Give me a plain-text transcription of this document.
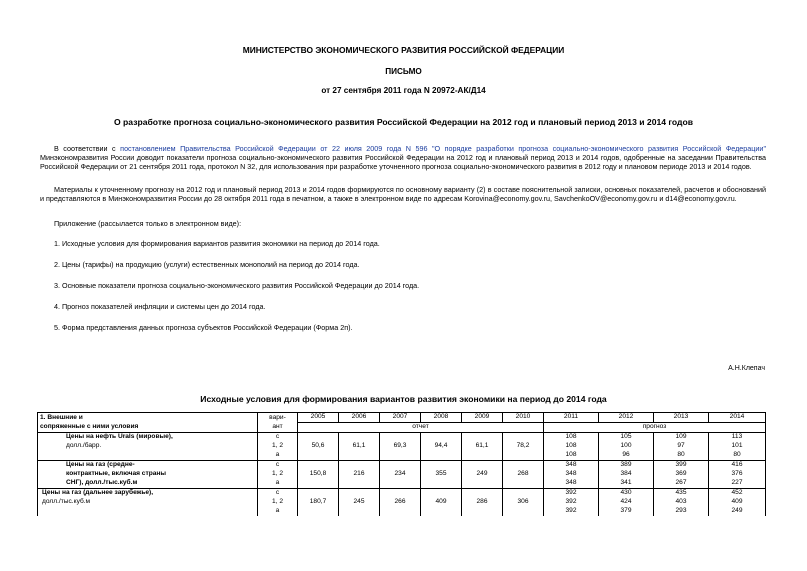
МИНИСТЕРСТВО ЭКОНОМИЧЕСКОГО РАЗВИТИЯ РОССИЙСКОЙ ФЕДЕРАЦИИ
ПИСЬМО
от 27 сентября 2011 года N 20972-АК/Д14
О разработке прогноза социально-экономического развития Российской Федерации на 2012 год и плановый период 2013 и 2014 годов
В соответствии с постановлением Правительства Российской Федерации от 22 июля 2009 года N 596 "О порядке разработки прогноза социально-экономического развития Российской Федерации" Минэкономразвития России доводит показатели прогноза социально-экономического развития Российской Федерации на 2012 год и плановый период 2013 и 2014 годов, одобренные на заседании Правительства Российской Федерации от 21 сентября 2011 года, протокол N 32, для использования при разработке уточненного прогноза социально-экономического развития в 2012 году и плановом периоде 2013 и 2014 годов.
Материалы к уточненному прогнозу на 2012 год и плановый период 2013 и 2014 годов формируются по основному варианту (2) в составе пояснительной записки, основных показателей, расчетов и обоснований и представляются в Минэкономразвития России до 28 октября 2011 года в печатном, а также в электронном виде по адресам Korovina@economy.gov.ru, SavchenkoOV@economy.gov.ru и d14@economy.gov.ru.
Приложение (рассылается только в электронном виде):
1. Исходные условия для формирования вариантов развития экономики на период до 2014 года.
2. Цены (тарифы) на продукцию (услуги) естественных монополий на период до 2014 года.
3. Основные показатели прогноза социально-экономического развития Российской Федерации до 2014 года.
4. Прогноз показателей инфляции и системы цен до 2014 года.
5. Форма представления данных прогноза субъектов Российской Федерации (Форма 2п).
А.Н.Клепач
Исходные условия для формирования вариантов развития экономики на период до 2014 года
1. Внешние и	вари-	2005	2006	2007	2008	2009	2010	2011	2012	2013	2014
сопряженные с ними условия	ант	отчет						прогноз			
Цены на нефть Urals (мировые),	с							108	105	109	113
долл./барр.	1, 2	50,6	61,1	69,3	94,4	61,1	78,2	108	100	97	101
	а							108	96	80	80
Цены на газ (средне-	с							348	389	399	416
контрактные, включая страны	1, 2	150,8	216	234	355	249	268	348	384	369	376
СНГ), долл./тыс.куб.м	а							348	341	267	227
Цены на газ (дальнее зарубежье),	с							392	430	435	452
долл./тыс.куб.м	1, 2	180,7	245	266	409	286	306	392	424	403	409
	а							392	379	293	249
